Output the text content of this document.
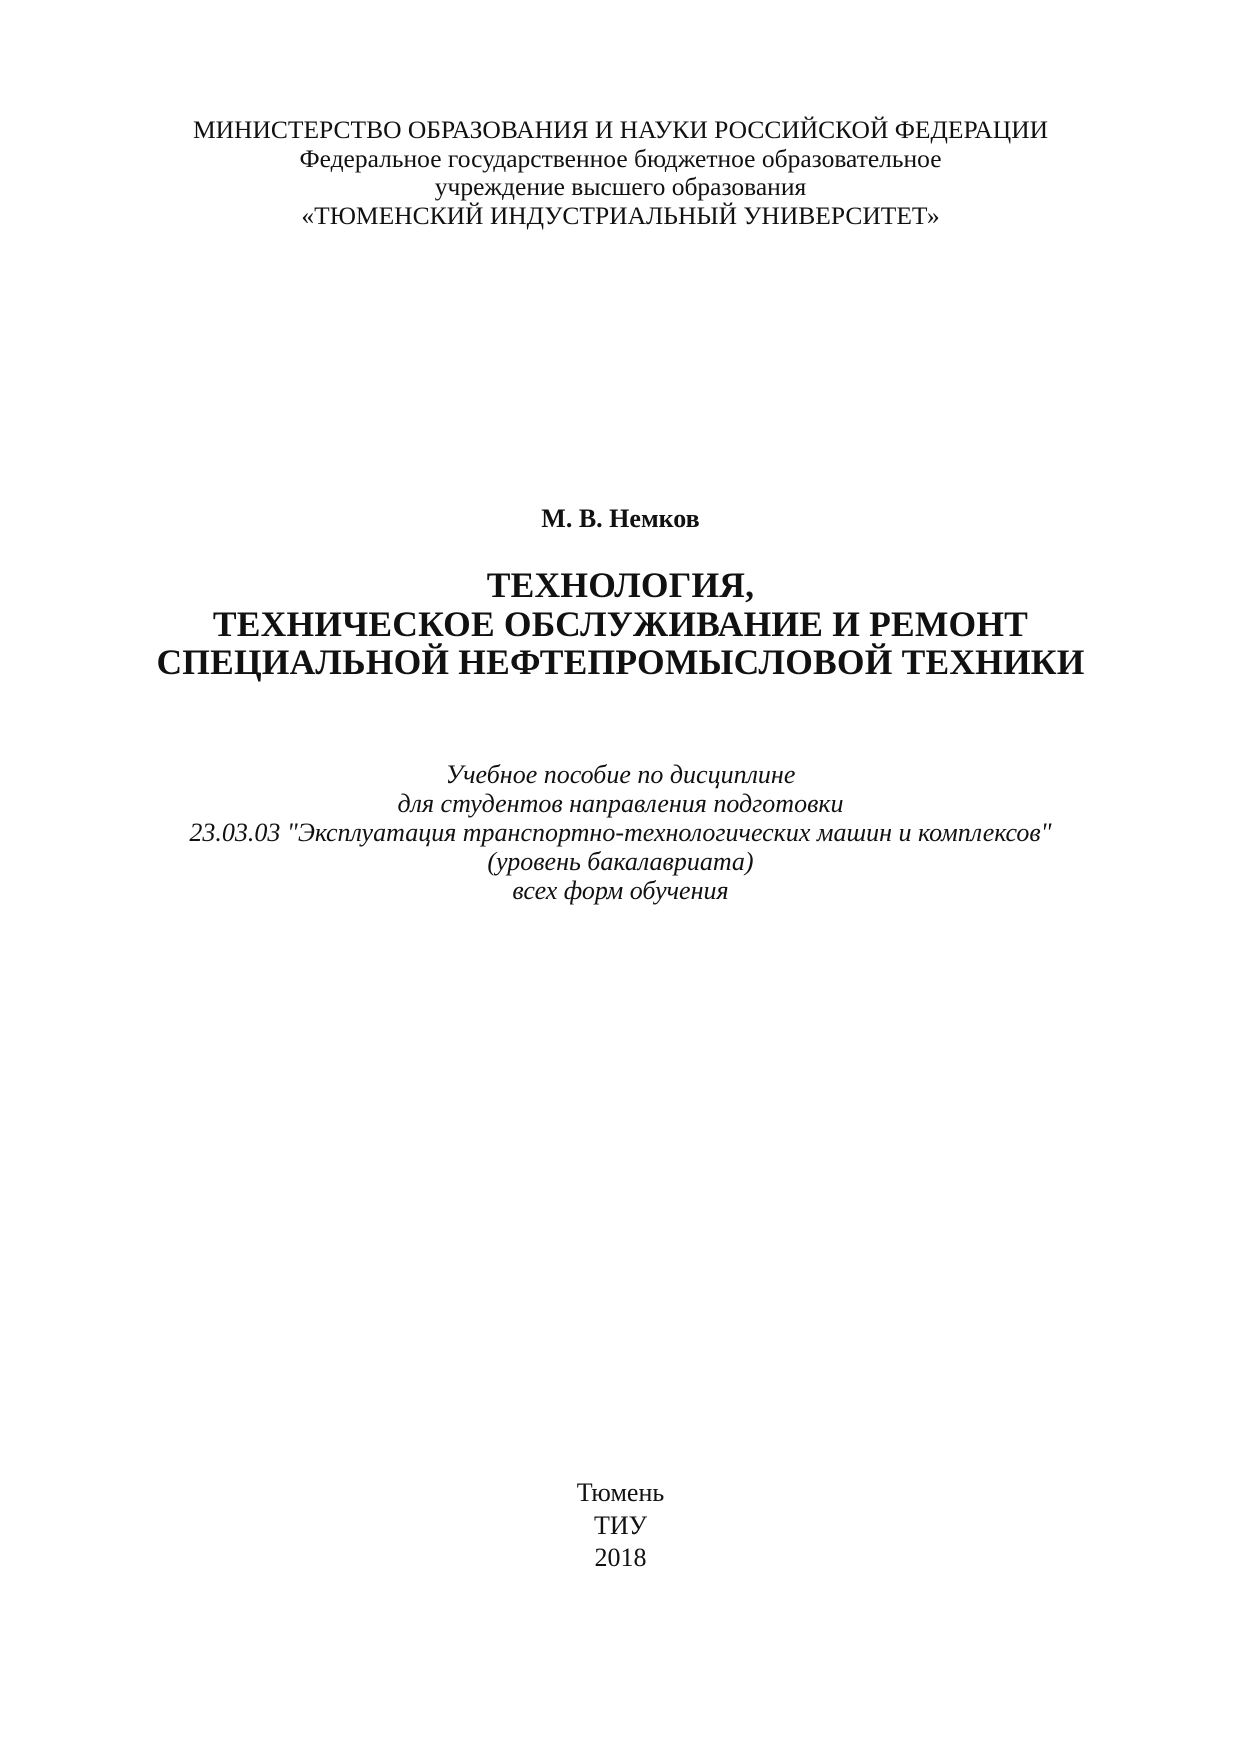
МИНИСТЕРСТВО ОБРАЗОВАНИЯ И НАУКИ РОССИЙСКОЙ ФЕДЕРАЦИИ
Федеральное государственное бюджетное образовательное
учреждение высшего образования
«ТЮМЕНСКИЙ ИНДУСТРИАЛЬНЫЙ УНИВЕРСИТЕТ»
М. В. Немков
ТЕХНОЛОГИЯ,
ТЕХНИЧЕСКОЕ ОБСЛУЖИВАНИЕ И РЕМОНТ
СПЕЦИАЛЬНОЙ НЕФТЕПРОМЫСЛОВОЙ ТЕХНИКИ
Учебное пособие по дисциплине
для студентов направления подготовки
23.03.03 "Эксплуатация транспортно-технологических машин и комплексов"
(уровень бакалавриата)
всех форм обучения
Тюмень
ТИУ
2018
